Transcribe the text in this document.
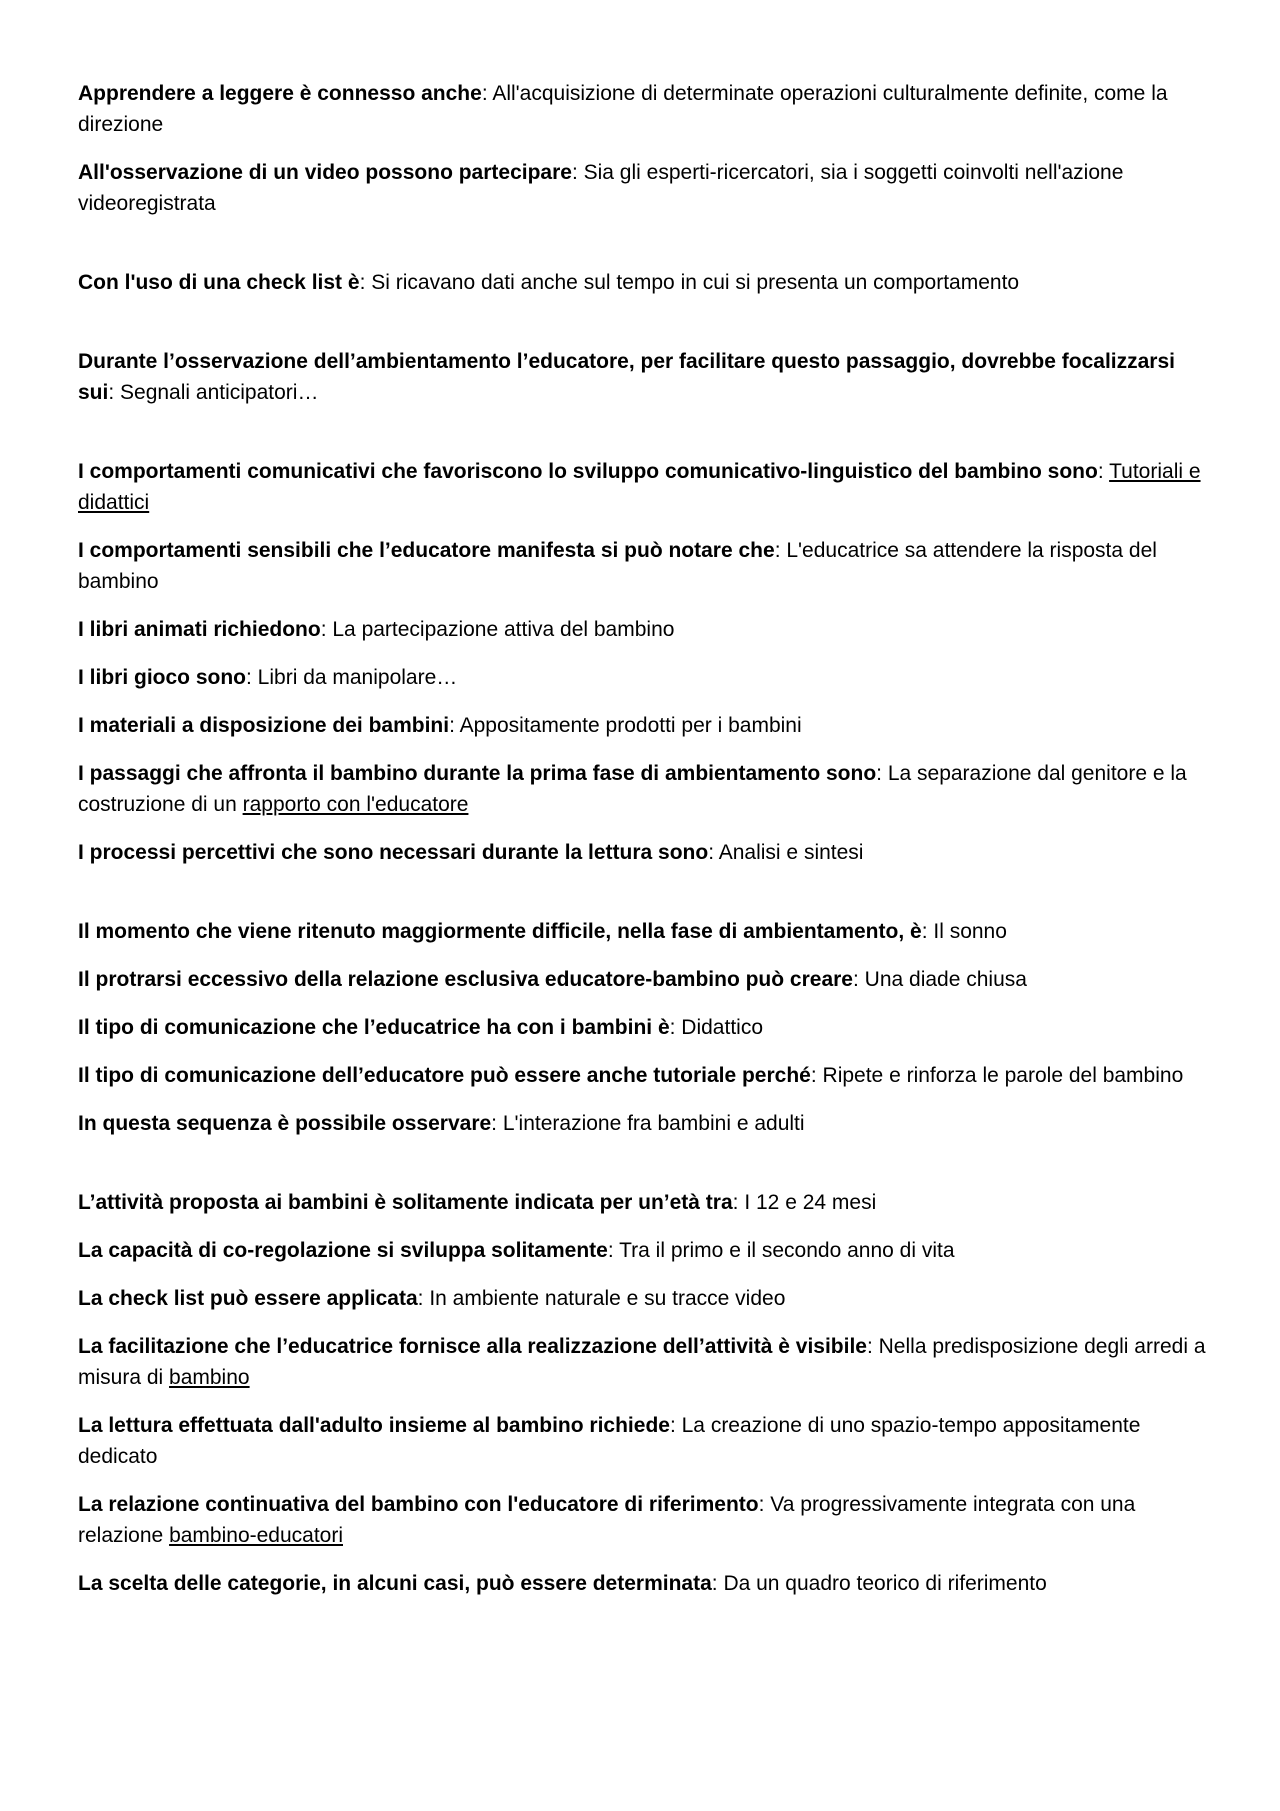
Apprendere a leggere è connesso anche: All'acquisizione di determinate operazioni culturalmente definite, come la direzione

All'osservazione di un video possono partecipare: Sia gli esperti-ricercatori, sia i soggetti coinvolti nell'azione videoregistrata

Con l'uso di una check list è: Si ricavano dati anche sul tempo in cui si presenta un comportamento

Durante l’osservazione dell’ambientamento l’educatore, per facilitare questo passaggio, dovrebbe focalizzarsi sui: Segnali anticipatori…

I comportamenti comunicativi che favoriscono lo sviluppo comunicativo-linguistico del bambino sono: Tutoriali e didattici

I comportamenti sensibili che l’educatore manifesta si può notare che: L'educatrice sa attendere la risposta del bambino

I libri animati richiedono: La partecipazione attiva del bambino

I libri gioco sono: Libri da manipolare…

I materiali a disposizione dei bambini: Appositamente prodotti per i bambini

I passaggi che affronta il bambino durante la prima fase di ambientamento sono: La separazione dal genitore e la costruzione di un rapporto con l'educatore

I processi percettivi che sono necessari durante la lettura sono: Analisi e sintesi

Il momento che viene ritenuto maggiormente difficile, nella fase di ambientamento, è: Il sonno

Il protrarsi eccessivo della relazione esclusiva educatore-bambino può creare: Una diade chiusa

Il tipo di comunicazione che l’educatrice ha con i bambini è: Didattico

Il tipo di comunicazione dell’educatore può essere anche tutoriale perché: Ripete e rinforza le parole del bambino

In questa sequenza è possibile osservare: L'interazione fra bambini e adulti

L’attività proposta ai bambini è solitamente indicata per un’età tra: I 12 e 24 mesi

La capacità di co-regolazione si sviluppa solitamente: Tra il primo e il secondo anno di vita

La check list può essere applicata: In ambiente naturale e su tracce video

La facilitazione che l’educatrice fornisce alla realizzazione dell’attività è visibile: Nella predisposizione degli arredi a misura di bambino

La lettura effettuata dall'adulto insieme al bambino richiede: La creazione di uno spazio-tempo appositamente dedicato

La relazione continuativa del bambino con l'educatore di riferimento: Va progressivamente integrata con una relazione bambino-educatori

La scelta delle categorie, in alcuni casi, può essere determinata: Da un quadro teorico di riferimento
